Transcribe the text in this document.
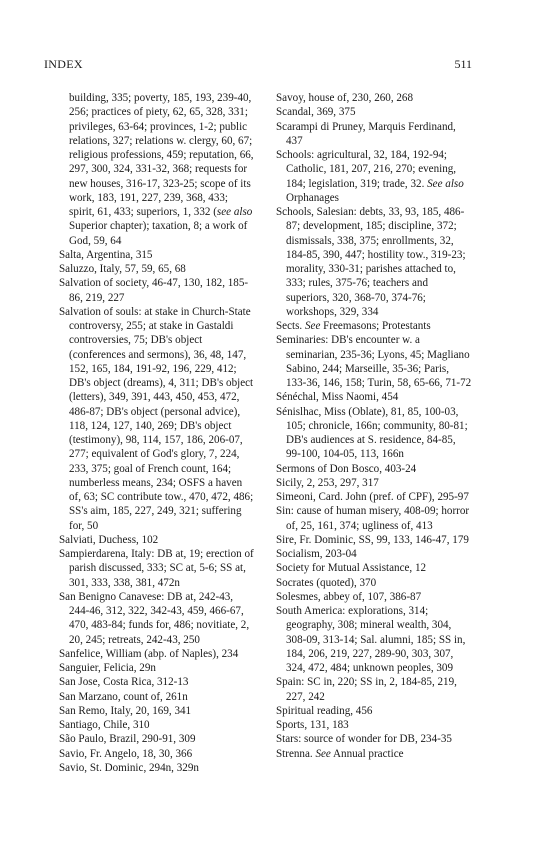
INDEX	511

building, 335; poverty, 185, 193, 239-40, 256; practices of piety, 62, 65, 328, 331; privileges, 63-64; provinces, 1-2; public relations, 327; relations w. clergy, 60, 67; religious professions, 459; reputation, 66, 297, 300, 324, 331-32, 368; requests for new houses, 316-17, 323-25; scope of its work, 183, 191, 227, 239, 368, 433; spirit, 61, 433; superiors, 1, 332 (see also Superior chapter); taxation, 8; a work of God, 59, 64

Salta, Argentina, 315

Saluzzo, Italy, 57, 59, 65, 68

Salvation of society, 46-47, 130, 182, 185-86, 219, 227

Salvation of souls: at stake in Church-State controversy, 255; at stake in Gastaldi controversies, 75; DB's object (conferences and sermons), 36, 48, 147, 152, 165, 184, 191-92, 196, 229, 412; DB's object (dreams), 4, 311; DB's object (letters), 349, 391, 443, 450, 453, 472, 486-87; DB's object (personal advice), 118, 124, 127, 140, 269; DB's object (testimony), 98, 114, 157, 186, 206-07, 277; equivalent of God's glory, 7, 224, 233, 375; goal of French count, 164; numberless means, 234; OSFS a haven of, 63; SC contribute tow., 470, 472, 486; SS's aim, 185, 227, 249, 321; suffering for, 50

Salviati, Duchess, 102

Sampierdarena, Italy: DB at, 19; erection of parish discussed, 333; SC at, 5-6; SS at, 301, 333, 338, 381, 472n

San Benigno Canavese: DB at, 242-43, 244-46, 312, 322, 342-43, 459, 466-67, 470, 483-84; funds for, 486; novitiate, 2, 20, 245; retreats, 242-43, 250

Sanfelice, William (abp. of Naples), 234

Sanguier, Felicia, 29n

San Jose, Costa Rica, 312-13

San Marzano, count of, 261n

San Remo, Italy, 20, 169, 341

Santiago, Chile, 310

São Paulo, Brazil, 290-91, 309

Savio, Fr. Angelo, 18, 30, 366

Savio, St. Dominic, 294n, 329n

Savoy, house of, 230, 260, 268

Scandal, 369, 375

Scarampi di Pruney, Marquis Ferdinand, 437

Schools: agricultural, 32, 184, 192-94; Catholic, 181, 207, 216, 270; evening, 184; legislation, 319; trade, 32. See also Orphanages

Schools, Salesian: debts, 33, 93, 185, 486-87; development, 185; discipline, 372; dismissals, 338, 375; enrollments, 32, 184-85, 390, 447; hostility tow., 319-23; morality, 330-31; parishes attached to, 333; rules, 375-76; teachers and superiors, 320, 368-70, 374-76; workshops, 329, 334

Sects. See Freemasons; Protestants

Seminaries: DB's encounter w. a seminarian, 235-36; Lyons, 45; Magliano Sabino, 244; Marseille, 35-36; Paris, 133-36, 146, 158; Turin, 58, 65-66, 71-72

Sénéchal, Miss Naomi, 454

Sénislhac, Miss (Oblate), 81, 85, 100-03, 105; chronicle, 166n; community, 80-81; DB's audiences at S. residence, 84-85, 99-100, 104-05, 113, 166n

Sermons of Don Bosco, 403-24

Sicily, 2, 253, 297, 317

Simeoni, Card. John (pref. of CPF), 295-97

Sin: cause of human misery, 408-09; horror of, 25, 161, 374; ugliness of, 413

Sire, Fr. Dominic, SS, 99, 133, 146-47, 179

Socialism, 203-04

Society for Mutual Assistance, 12

Socrates (quoted), 370

Solesmes, abbey of, 107, 386-87

South America: explorations, 314; geography, 308; mineral wealth, 304, 308-09, 313-14; Sal. alumni, 185; SS in, 184, 206, 219, 227, 289-90, 303, 307, 324, 472, 484; unknown peoples, 309

Spain: SC in, 220; SS in, 2, 184-85, 219, 227, 242

Spiritual reading, 456

Sports, 131, 183

Stars: source of wonder for DB, 234-35

Strenna. See Annual practice
